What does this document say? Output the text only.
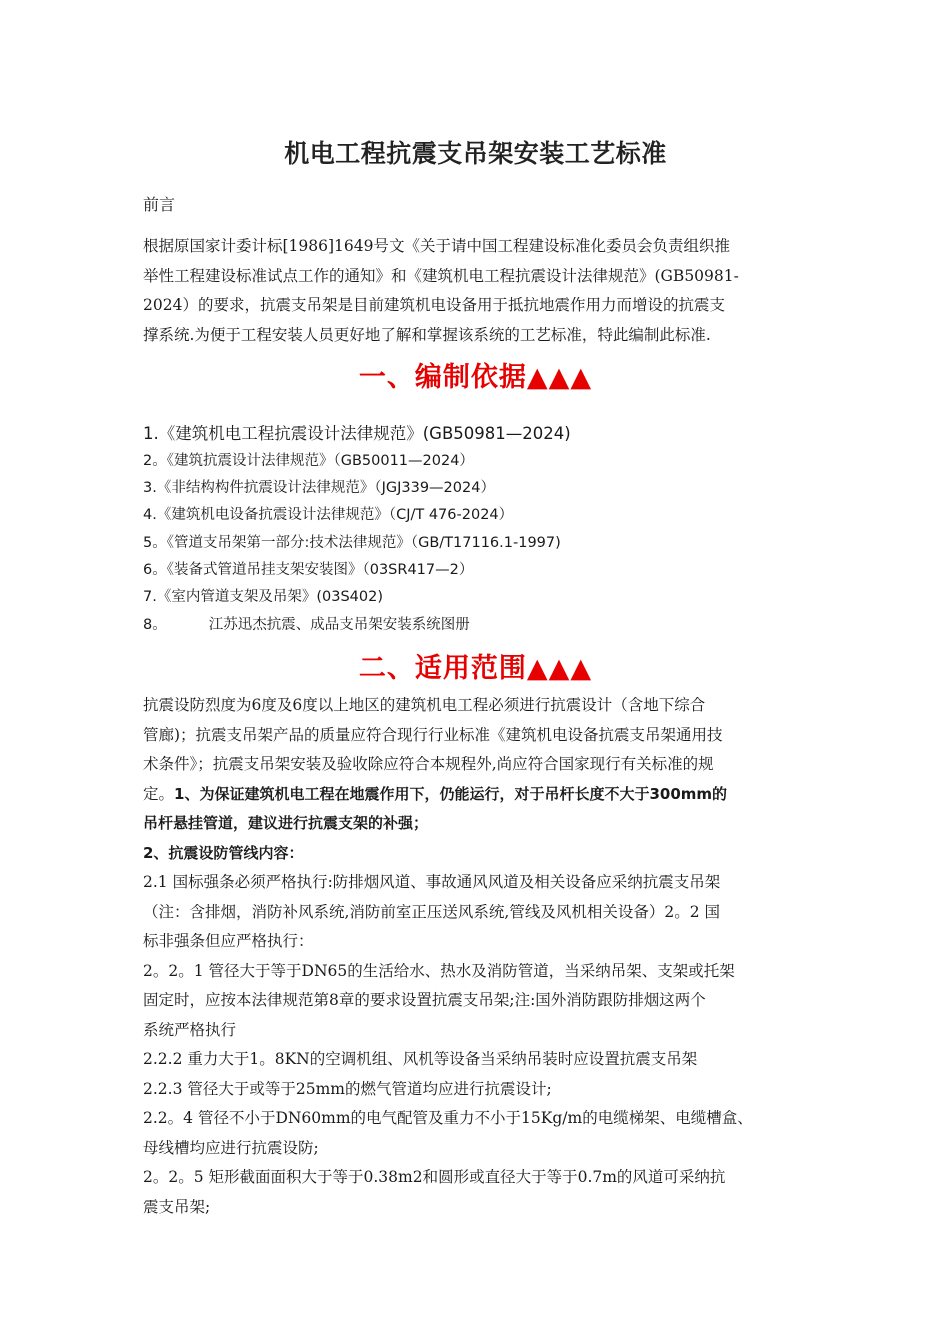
机电工程抗震支吊架安装工艺标准
前言
根据原国家计委计标[1986]1649号文《关于请中国工程建设标准化委员会负责组织推
举性工程建设标准试点工作的通知》和《建筑机电工程抗震设计法律规范》(GB50981-
2024）的要求，抗震支吊架是目前建筑机电设备用于抵抗地震作用力而增设的抗震支
撑系统.为便于工程安装人员更好地了解和掌握该系统的工艺标准，特此编制此标准.
一、编制依据▲▲▲
1.《建筑机电工程抗震设计法律规范》(GB50981—2024)
2。《建筑抗震设计法律规范》（GB50011—2024）
3.《非结构构件抗震设计法律规范》（JGJ339—2024）
4.《建筑机电设备抗震设计法律规范》（CJ/T 476-2024）
5。《管道支吊架第一部分:技术法律规范》（GB/T17116.1-1997)
6。《装备式管道吊挂支架安装图》（03SR417—2）
7.《室内管道支架及吊架》(03S402)
8。	江苏迅杰抗震、成品支吊架安装系统图册
二、适用范围▲▲▲
抗震设防烈度为6度及6度以上地区的建筑机电工程必须进行抗震设计（含地下综合
管廊)；抗震支吊架产品的质量应符合现行行业标准《建筑机电设备抗震支吊架通用技
术条件》；抗震支吊架安装及验收除应符合本规程外,尚应符合国家现行有关标准的规
定。1、为保证建筑机电工程在地震作用下，仍能运行，对于吊杆长度不大于300mm的
吊杆悬挂管道，建议进行抗震支架的补强；
2、抗震设防管线内容：
2.1 国标强条必须严格执行:防排烟风道、事故通风风道及相关设备应采纳抗震支吊架
（注：含排烟，消防补风系统,消防前室正压送风系统,管线及风机相关设备）2。2 国
标非强条但应严格执行：
2。2。1 管径大于等于DN65的生活给水、热水及消防管道，当采纳吊架、支架或托架
固定时，应按本法律规范第8章的要求设置抗震支吊架;注:国外消防跟防排烟这两个
系统严格执行
2.2.2 重力大于1。8KN的空调机组、风机等设备当采纳吊装时应设置抗震支吊架
2.2.3 管径大于或等于25mm的燃气管道均应进行抗震设计;
2.2。4 管径不小于DN60mm的电气配管及重力不小于15Kg/m的电缆梯架、电缆槽盒、
母线槽均应进行抗震设防;
2。2。5 矩形截面面积大于等于0.38m2和圆形或直径大于等于0.7m的风道可采纳抗
震支吊架;
